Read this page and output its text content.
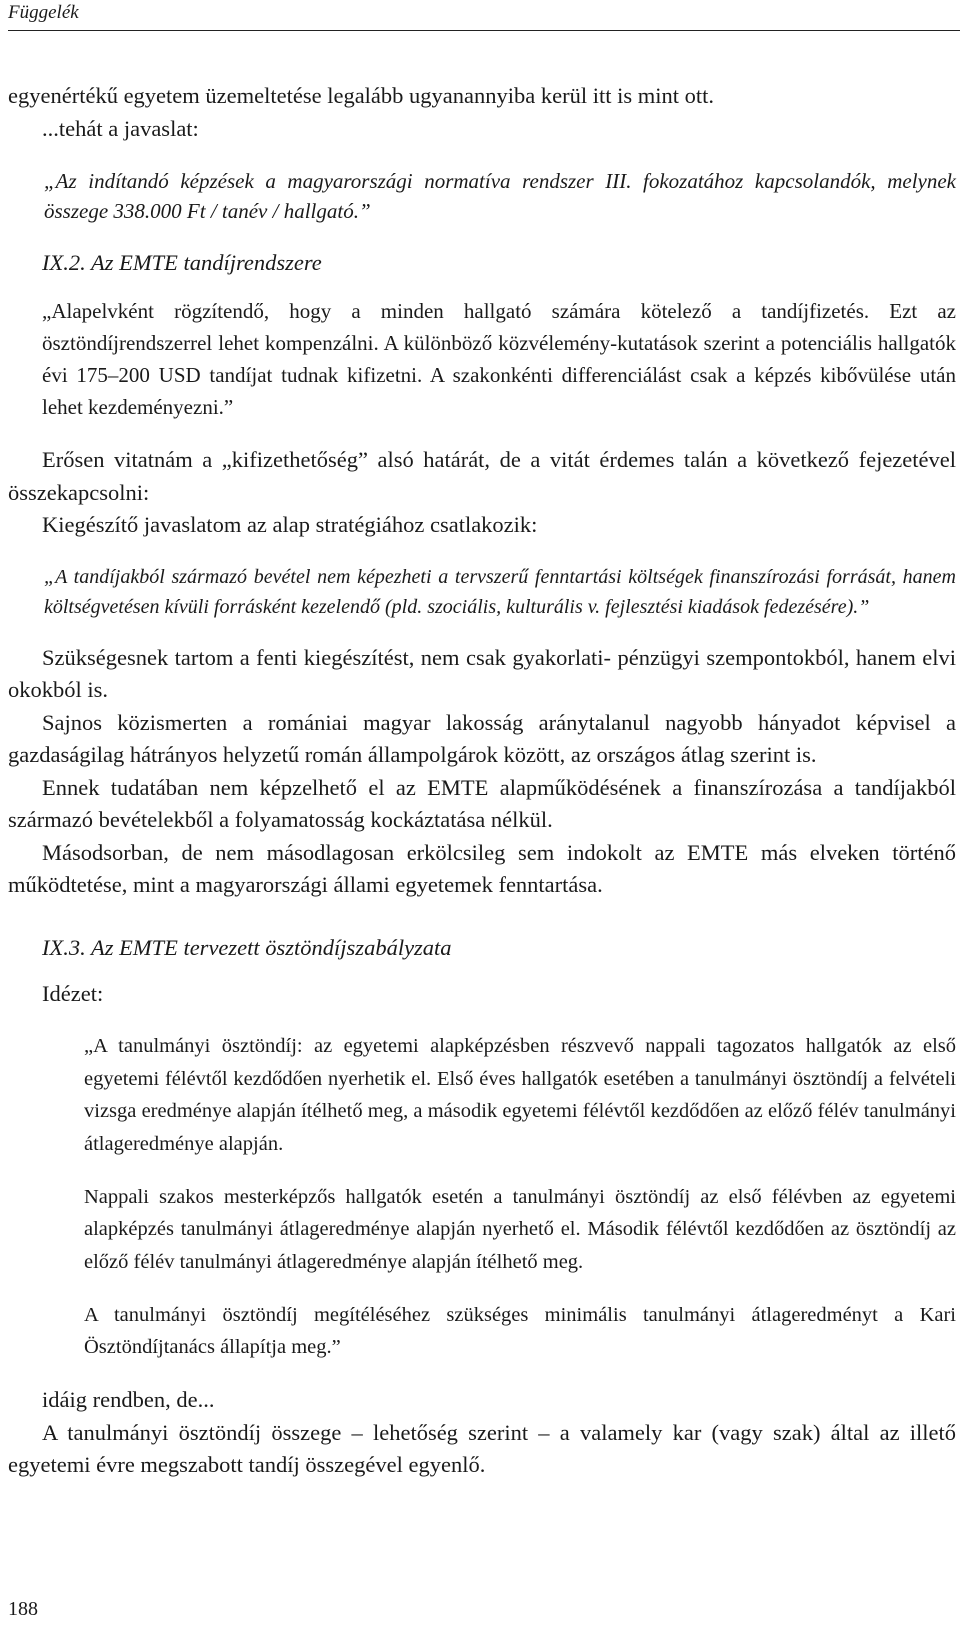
Függelék

egyenértékű egyetem üzemeltetése legalább ugyanannyiba kerül itt is mint ott.

...tehát a javaslat:

„Az indítandó képzések a magyarországi normatíva rendszer III. fokozatához kapcsolandók, melynek összege 338.000 Ft / tanév / hallgató.”

IX.2. Az EMTE tandíjrendszere

„Alapelvként rögzítendő, hogy a minden hallgató számára kötelező a tandíjfizetés. Ezt az ösztöndíjrendszerrel lehet kompenzálni. A különböző közvélemény-kutatások szerint a potenciális hallgatók évi 175–200 USD tandíjat tudnak kifizetni. A szakonkénti differenciálást csak a képzés kibővülése után lehet kezdeményezni.”

Erősen vitatnám a „kifizethetőség” alsó határát, de a vitát érdemes talán a következő fejezetével összekapcsolni:

Kiegészítő javaslatom az alap stratégiához csatlakozik:

„A tandíjakból származó bevétel nem képezheti a tervszerű fenntartási költségek finanszírozási forrását, hanem költségvetésen kívüli forrásként kezelendő (pld. szociális, kulturális v. fejlesztési kiadások fedezésére).”

Szükségesnek tartom a fenti kiegészítést, nem csak gyakorlati- pénzügyi szempontokból, hanem elvi okokból is.

Sajnos közismerten a romániai magyar lakosság aránytalanul nagyobb hányadot képvisel a gazdaságilag hátrányos helyzetű román állampolgárok között, az országos átlag szerint is.

Ennek tudatában nem képzelhető el az EMTE alapműködésének a finanszírozása a tandíjakból származó bevételekből a folyamatosság kockáztatása nélkül.

Másodsorban, de nem másodlagosan erkölcsileg sem indokolt az EMTE más elveken történő működtetése, mint a magyarországi állami egyetemek fenntartása.

IX.3. Az EMTE tervezett ösztöndíjszabályzata
Idézet:

„A tanulmányi ösztöndíj: az egyetemi alapképzésben részvevő nappali tagozatos hallgatók az első egyetemi félévtől kezdődően nyerhetik el. Első éves hallgatók esetében a tanulmányi ösztöndíj a felvételi vizsga eredménye alapján ítélhető meg, a második egyetemi félévtől kezdődően az előző félév tanulmányi átlageredménye alapján.

Nappali szakos mesterképzős hallgatók esetén a tanulmányi ösztöndíj az első félévben az egyetemi alapképzés tanulmányi átlageredménye alapján nyerhető el. Második félévtől kezdődően az ösztöndíj az előző félév tanulmányi átlageredménye alapján ítélhető meg.

A tanulmányi ösztöndíj megítéléséhez szükséges minimális tanulmányi átlageredményt a Kari Ösztöndíjtanács állapítja meg.”

idáig rendben, de...

A tanulmányi ösztöndíj összege – lehetőség szerint – a valamely kar (vagy szak) által az illető egyetemi évre megszabott tandíj összegével egyenlő.

188
